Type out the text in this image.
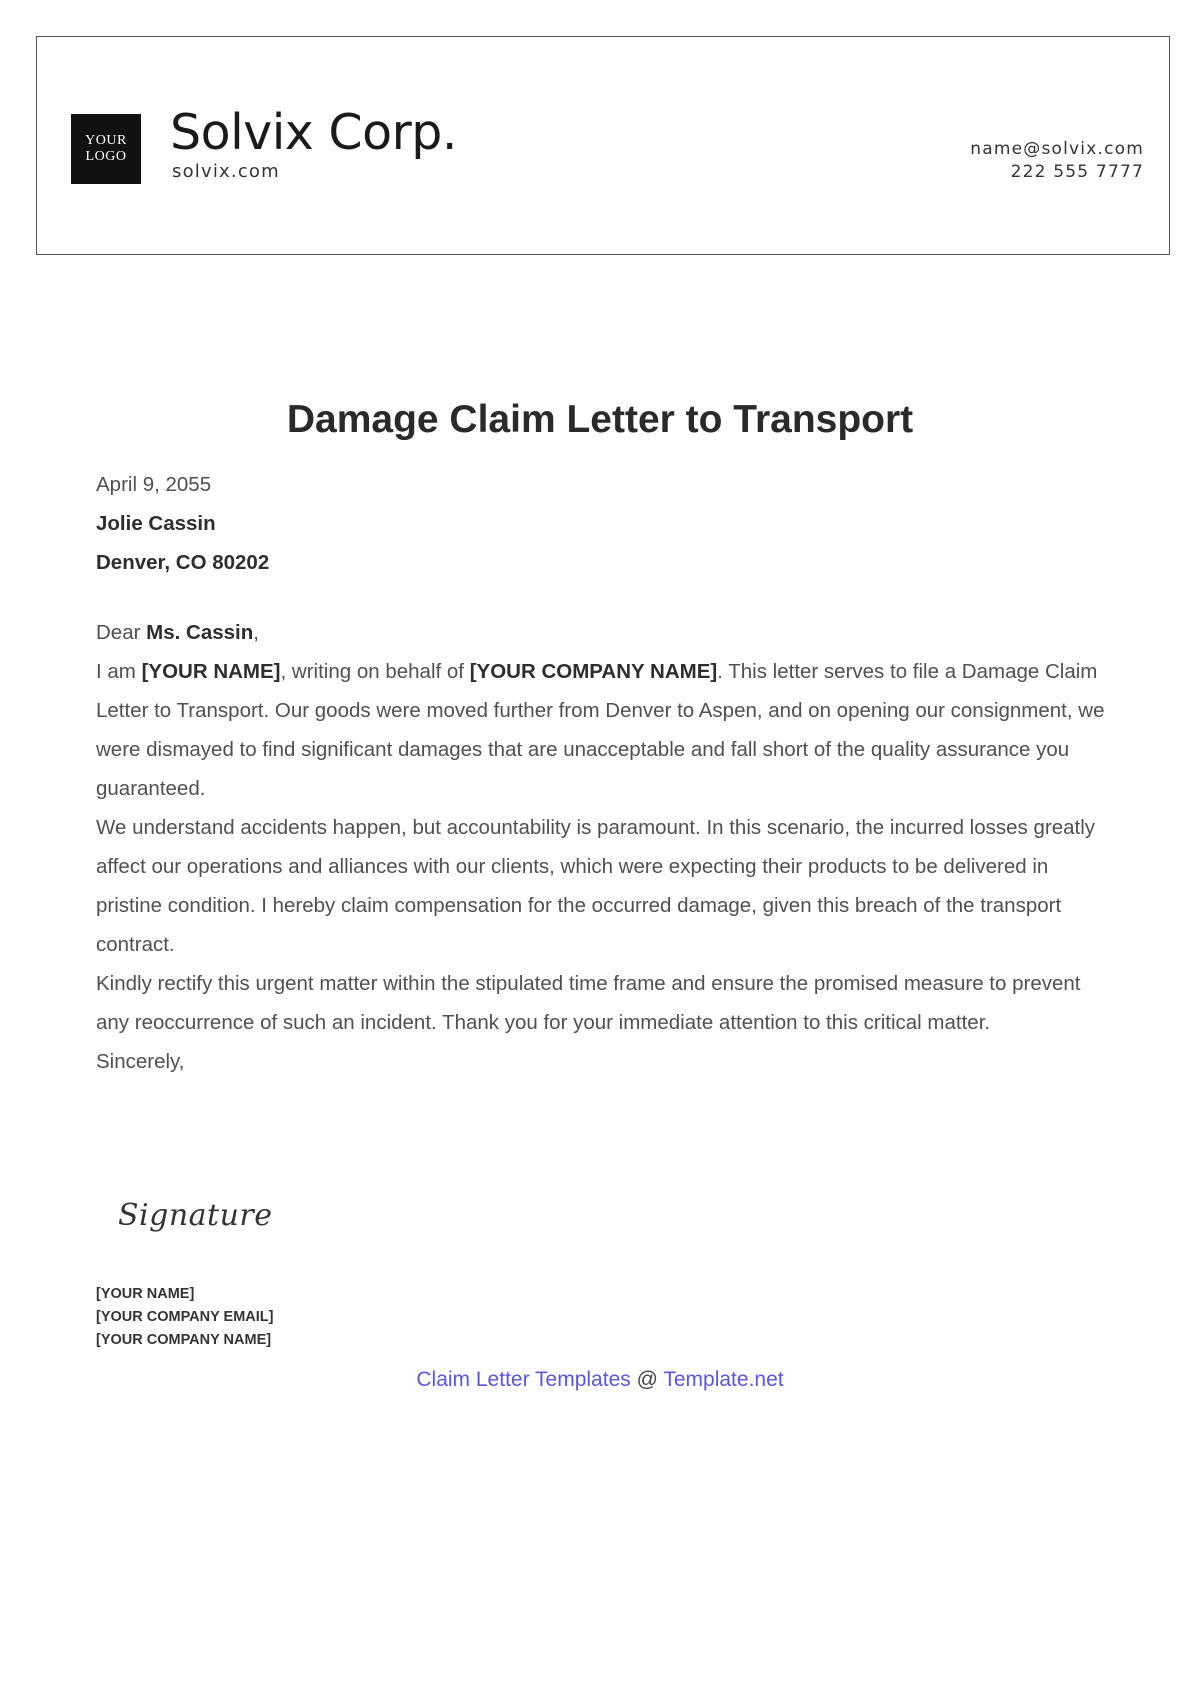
YOUR
LOGO Solvix Corp.
solvix.com
name@solvix.com
222 555 7777
Damage Claim Letter to Transport

April 9, 2055

Jolie Cassin

Denver, CO 80202

Dear Ms. Cassin,

I am [YOUR NAME], writing on behalf of [YOUR COMPANY NAME]. This letter serves to file a Damage Claim Letter to Transport. Our goods were moved further from Denver to Aspen, and on opening our consignment, we were dismayed to find significant damages that are unacceptable and fall short of the quality assurance you guaranteed.

We understand accidents happen, but accountability is paramount. In this scenario, the incurred losses greatly affect our operations and alliances with our clients, which were expecting their products to be delivered in pristine condition. I hereby claim compensation for the occurred damage, given this breach of the transport contract.

Kindly rectify this urgent matter within the stipulated time frame and ensure the promised measure to prevent any reoccurrence of such an incident. Thank you for your immediate attention to this critical matter.

Sincerely,

Signature
[YOUR NAME]
[YOUR COMPANY EMAIL]
[YOUR COMPANY NAME]
Claim Letter Templates @ Template.net
